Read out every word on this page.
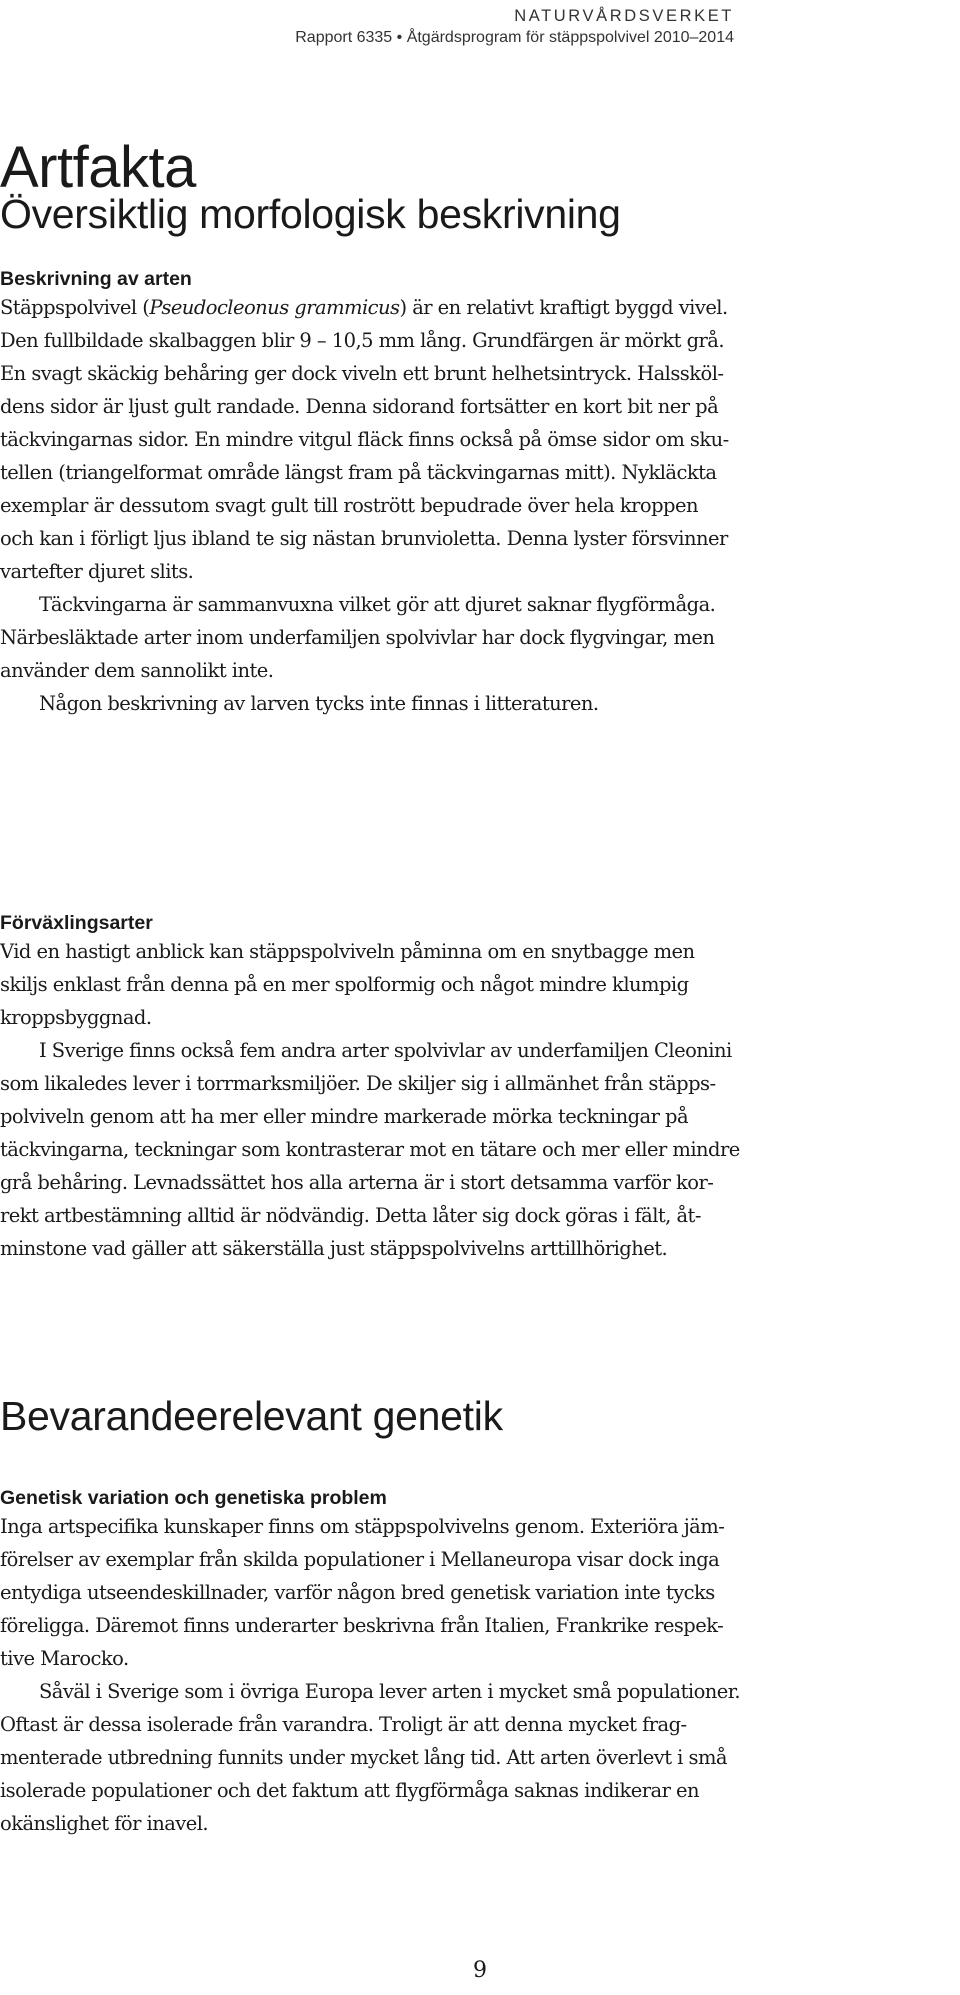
NATURVÅRDSVERKET
Rapport 6335 • Åtgärdsprogram för stäppspolvivel 2010–2014
Artfakta
Översiktlig morfologisk beskrivning
Beskrivning av arten

Stäppspolvivel (Pseudocleonus grammicus) är en relativt kraftigt byggd vivel.
Den fullbildade skalbaggen blir 9 – 10,5 mm lång. Grundfärgen är mörkt grå.
En svagt skäckig behåring ger dock viveln ett brunt helhetsintryck. Halssköl-
dens sidor är ljust gult randade. Denna sidorand fortsätter en kort bit ner på
täckvingarnas sidor. En mindre vitgul fläck finns också på ömse sidor om sku-
tellen (triangelformat område längst fram på täckvingarnas mitt). Nykläckta
exemplar är dessutom svagt gult till rostrött bepudrade över hela kroppen
och kan i förligt ljus ibland te sig nästan brunvioletta. Denna lyster försvinner
vartefter djuret slits.

Täckvingarna är sammanvuxna vilket gör att djuret saknar flygförmåga.

Närbesläktade arter inom underfamiljen spolvivlar har dock flygvingar, men
använder dem sannolikt inte.

Någon beskrivning av larven tycks inte finnas i litteraturen.

Förväxlingsarter

Vid en hastigt anblick kan stäppspolviveln påminna om en snytbagge men
skiljs enklast från denna på en mer spolformig och något mindre klumpig
kroppsbyggnad.

I Sverige finns också fem andra arter spolvivlar av underfamiljen Cleonini

som likaledes lever i torrmarksmiljöer. De skiljer sig i allmänhet från stäpps-
polviveln genom att ha mer eller mindre markerade mörka teckningar på
täckvingarna, teckningar som kontrasterar mot en tätare och mer eller mindre
grå behåring. Levnadssättet hos alla arterna är i stort detsamma varför kor-
rekt artbestämning alltid är nödvändig. Detta låter sig dock göras i fält, åt-
minstone vad gäller att säkerställa just stäppspolvivelns arttillhörighet.

Bevarandeerelevant genetik
Genetisk variation och genetiska problem

Inga artspecifika kunskaper finns om stäppspolvivelns genom. Exteriöra jäm-
förelser av exemplar från skilda populationer i Mellaneuropa visar dock inga
entydiga utseendeskillnader, varför någon bred genetisk variation inte tycks
föreligga. Däremot finns underarter beskrivna från Italien, Frankrike respek-
tive Marocko.

Såväl i Sverige som i övriga Europa lever arten i mycket små populationer.

Oftast är dessa isolerade från varandra. Troligt är att denna mycket frag-
menterade utbredning funnits under mycket lång tid. Att arten överlevt i små
isolerade populationer och det faktum att flygförmåga saknas indikerar en
okänslighet för inavel.

9
